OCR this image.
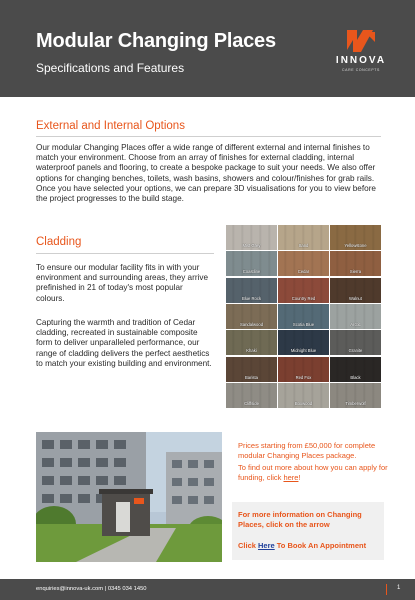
Modular Changing Places
Specifications and Features
INNOVA
CARE CONCEPTS
External and Internal Options
Our modular Changing Places offer a wide range of different external and internal finishes to match your environment. Choose from an array of finishes for external cladding, internal waterproof panels and flooring, to create a bespoke package to suit your needs. We also offer options for changing benches, toilets, wash basins, showers and colour/finishes for grab rails. Once you have selected your options, we can prepare 3D visualisations for you to view before the project progresses to the build stage.
Cladding
To ensure our modular facility fits in with your environment and surrounding areas, they arrive prefinished in 21 of today's most popular colours.
Capturing the warmth and tradition of Cedar cladding, recreated in sustainable composite form to deliver unparalleled performance, our range of cladding delivers the perfect aesthetics to match your existing building and environment.
Mist Grey	Sand	Yellowstone
Coastline	Cedar	Sierra
Blue Rock	Country Red	Walnut
Sandalwood	Scotia Blue	Arctic
Khaki	Midnight Blue	Granite
Barista	Red Fox	Black
Cliffside	Boxwood	Timberwolf
Prices starting from £50,000 for complete modular Changing Places package.
To find out more about how you can apply for funding, click here!
For more information on Changing Places, click on the arrow
Click Here To Book An Appointment
enquiries@innova-uk.com | 0345 034 1450	1
